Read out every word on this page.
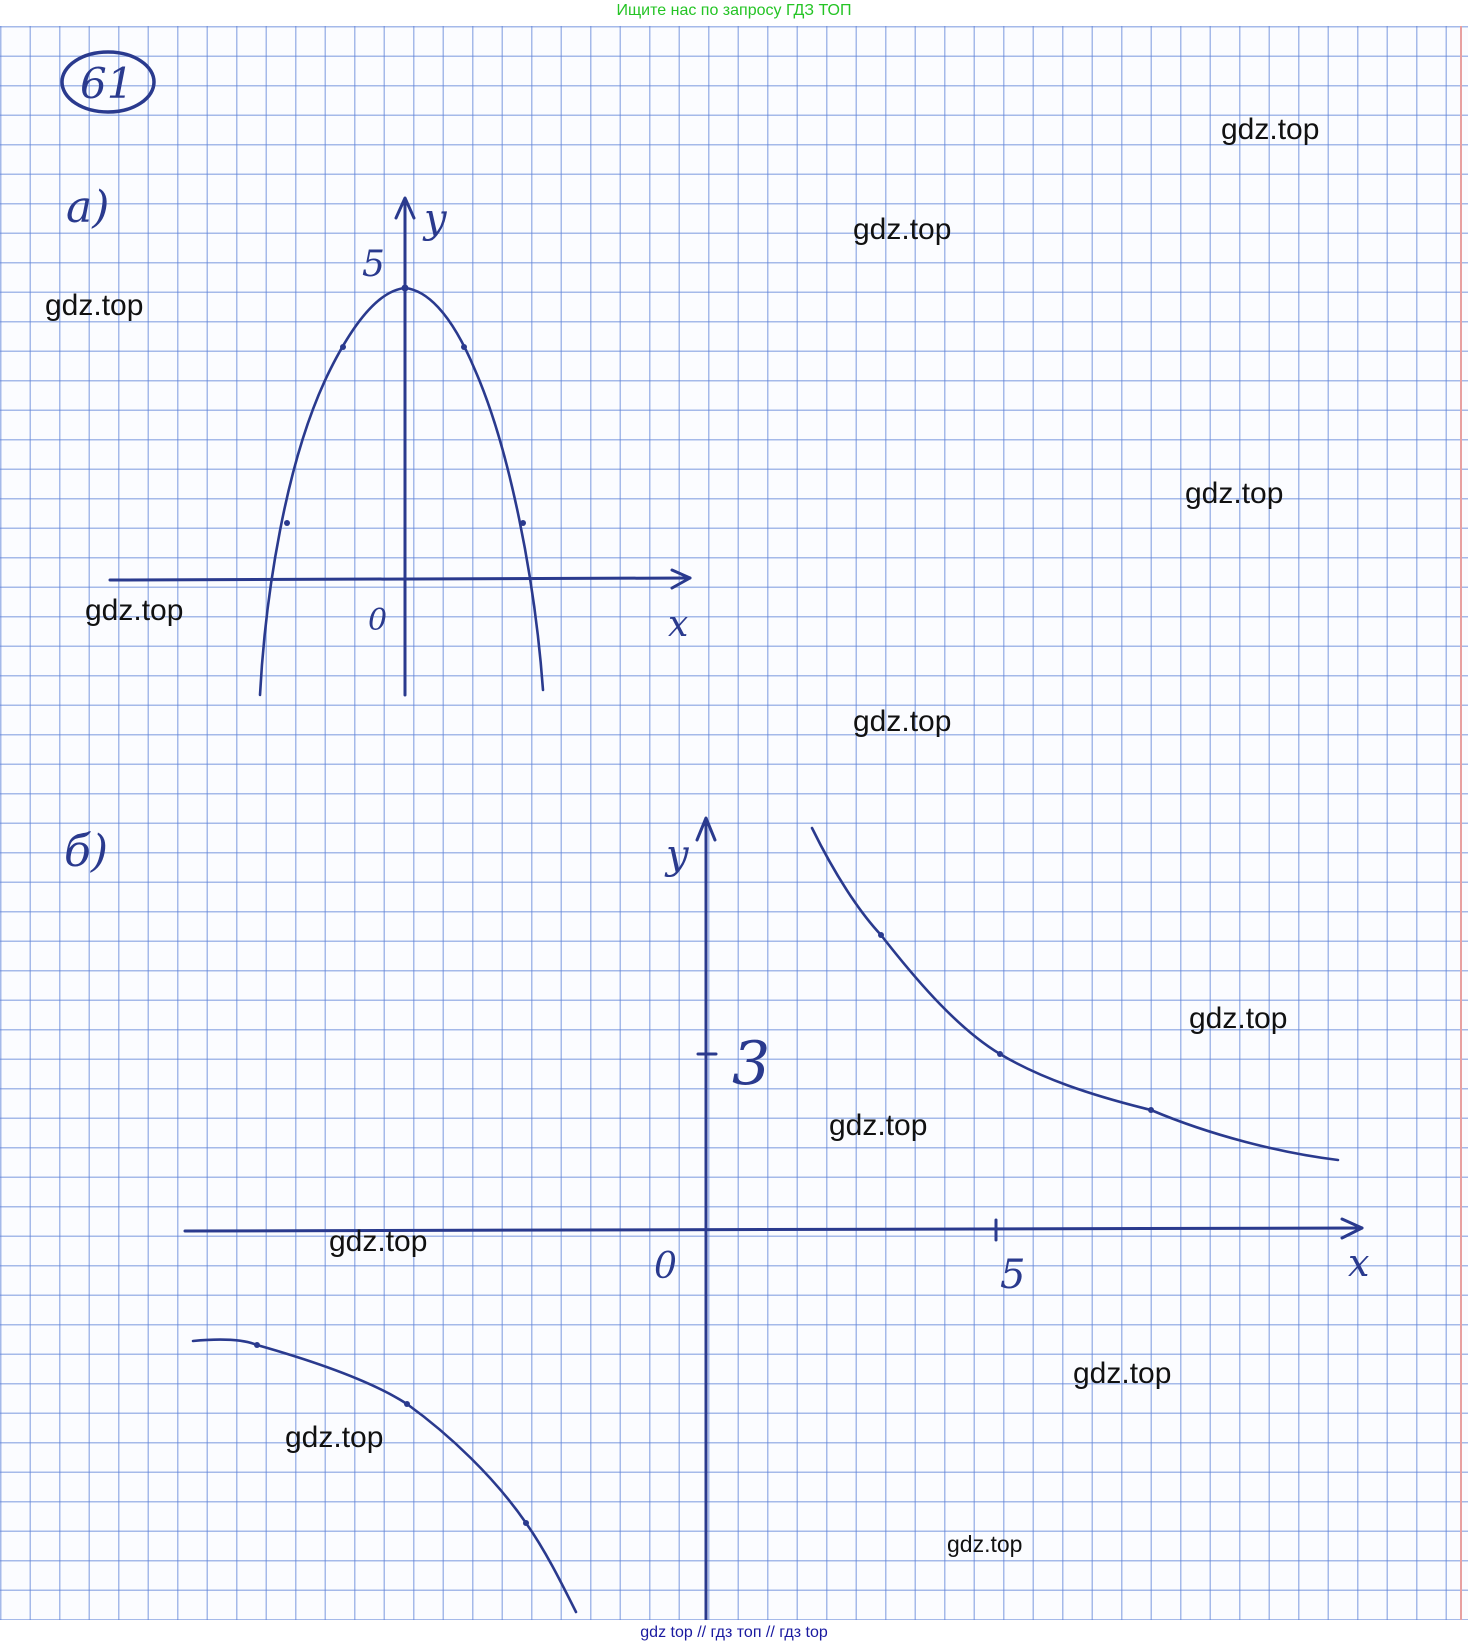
Ищите нас по запросу ГДЗ ТОП
61
а)	y
x
0
5
б)	y
x
0
3
5
gdz.top
gdz.top
gdz.top
gdz.top
gdz.top
gdz.top
gdz.top
gdz.top
gdz.top
gdz.top
gdz.top
gdz.top
gdz top // гдз топ // гдз top
